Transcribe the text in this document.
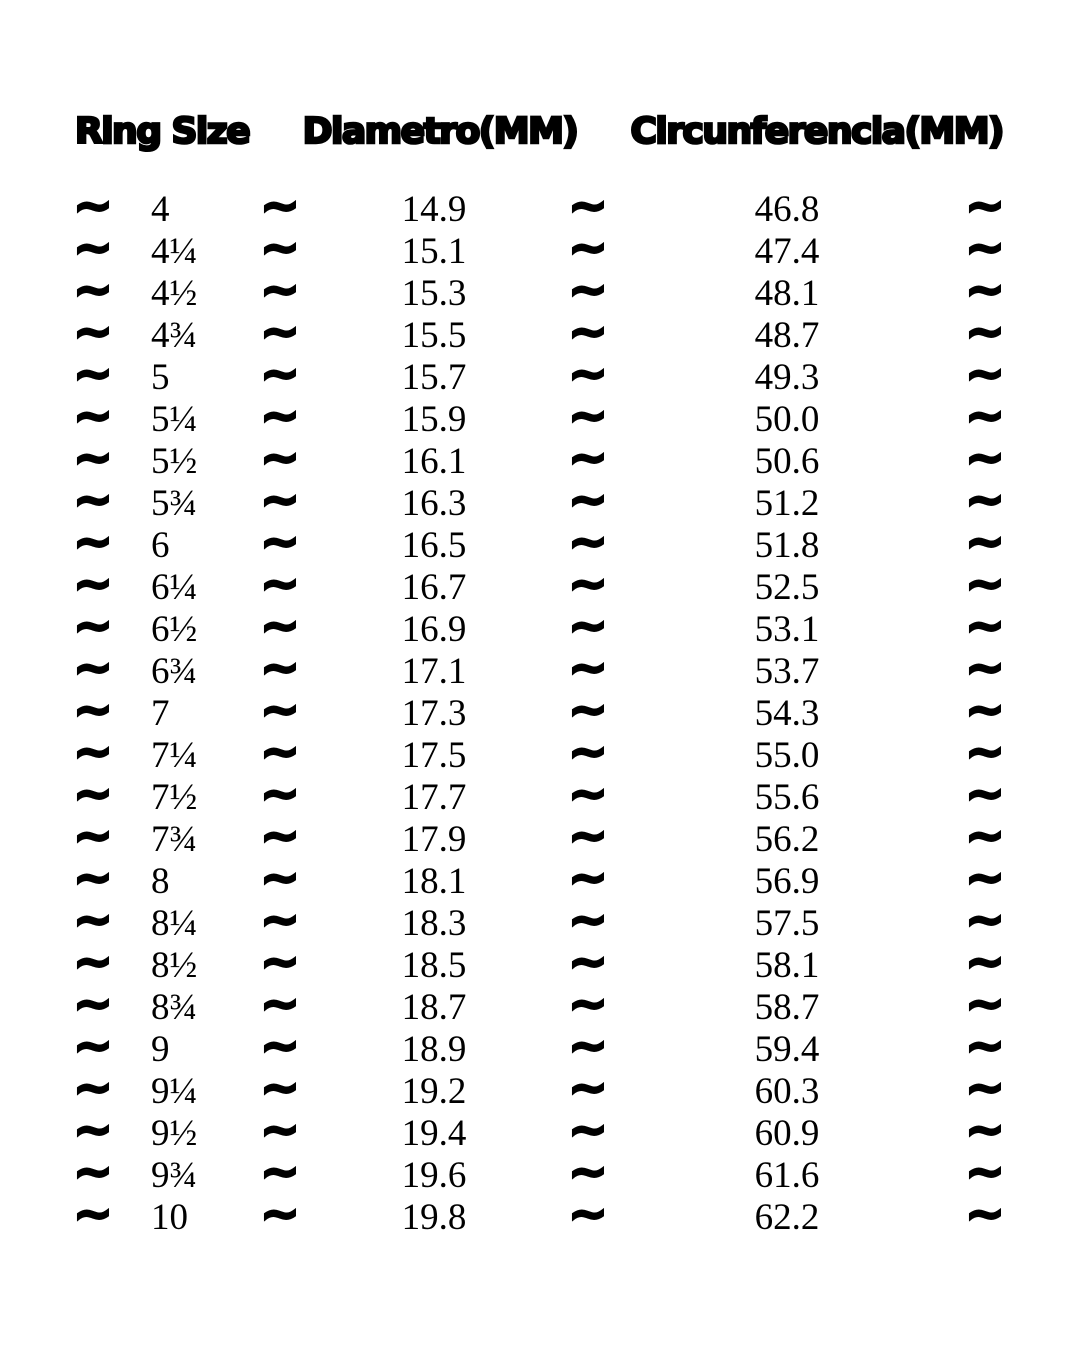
Ring Size Diametro(MM) Circunferencia(MM)
~	4 ~	14.9 ~	46.8	~
~	4¼ ~	15.1 ~	47.4	~
~	4½ ~	15.3 ~	48.1	~
~	4¾ ~	15.5 ~	48.7	~
~	5 ~	15.7 ~	49.3	~
~	5¼ ~	15.9 ~	50.0	~
~	5½ ~	16.1 ~	50.6	~
~	5¾ ~	16.3 ~	51.2	~
~	6 ~	16.5 ~	51.8	~
~	6¼ ~	16.7 ~	52.5	~
~	6½ ~	16.9 ~	53.1	~
~	6¾ ~	17.1 ~	53.7	~
~	7 ~	17.3 ~	54.3	~
~	7¼ ~	17.5 ~	55.0	~
~	7½ ~	17.7 ~	55.6	~
~	7¾ ~	17.9 ~	56.2	~
~	8 ~	18.1 ~	56.9	~
~	8¼ ~	18.3 ~	57.5	~
~	8½ ~	18.5 ~	58.1	~
~	8¾ ~	18.7 ~	58.7	~
~	9 ~	18.9 ~	59.4	~
~	9¼ ~	19.2 ~	60.3	~
~	9½ ~	19.4 ~	60.9	~
~	9¾ ~	19.6 ~	61.6	~
~	10 ~	19.8 ~	62.2	~
